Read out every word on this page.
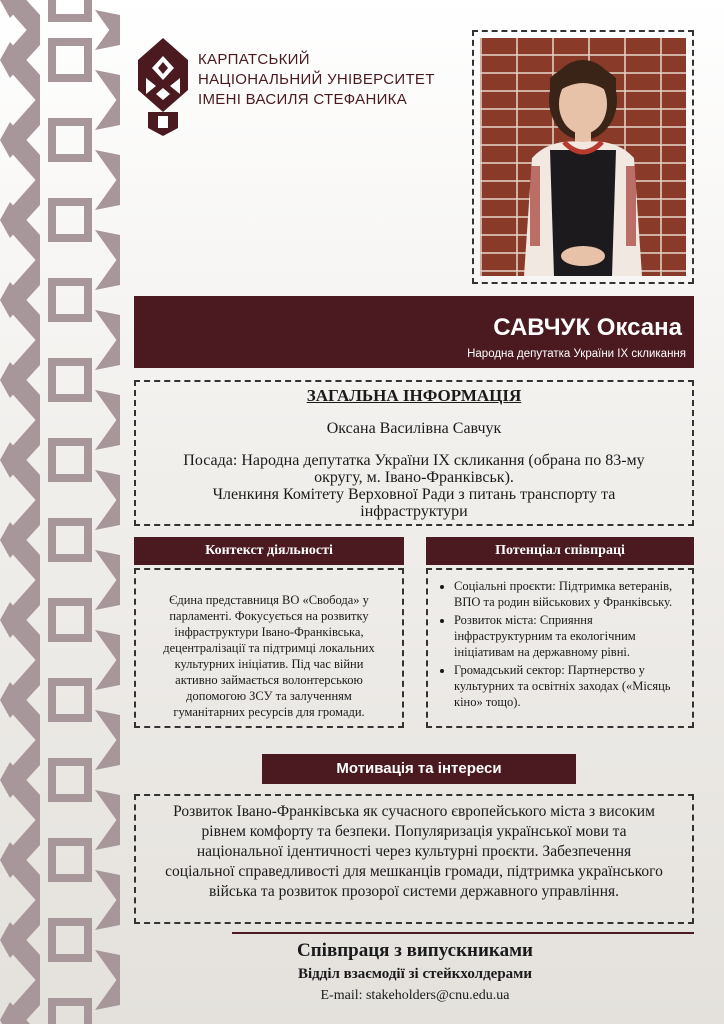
КАРПАТСЬКИЙ
НАЦІОНАЛЬНИЙ УНІВЕРСИТЕТ
ІМЕНІ ВАСИЛЯ СТЕФАНИКА
САВЧУК Оксана
Народна депутатка України IX скликання
ЗАГАЛЬНА ІНФОРМАЦІЯ
Оксана Василівна Савчук
Посада: Народна депутатка України IX скликання (обрана по 83-му округу, м. Івано-Франківськ).
Членкиня Комітету Верховної Ради з питань транспорту та інфраструктури
Контекст діяльності
Єдина представниця ВО «Свобода» у парламенті. Фокусується на розвитку інфраструктури Івано-Франківська, децентралізації та підтримці локальних культурних ініціатив. Під час війни активно займається волонтерською допомогою ЗСУ та залученням гуманітарних ресурсів для громади.
Потенціал співпраці
• Соціальні проєкти: Підтримка ветеранів, ВПО та родин військових у Франківську.
• Розвиток міста: Сприяння інфраструктурним та екологічним ініціативам на державному рівні.
• Громадський сектор: Партнерство у культурних та освітніх заходах («Місяць кіно» тощо).
Мотивація та інтереси
Розвиток Івано-Франківська як сучасного європейського міста з високим рівнем комфорту та безпеки. Популяризація української мови та національної ідентичності через культурні проєкти. Забезпечення соціальної справедливості для мешканців громади, підтримка українського війська та розвиток прозорої системи державного управління.
Співпраця з випускниками
Відділ взаємодії зі стейкхолдерами
E-mail: stakeholders@cnu.edu.ua
